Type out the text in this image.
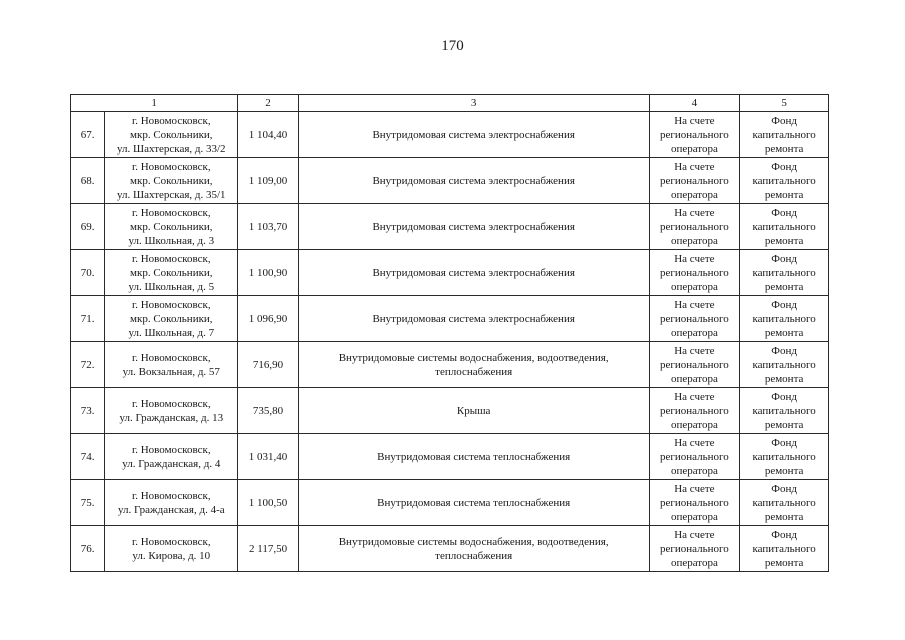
170
1		2	3	4	5
67.	г. Новомосковск,
мкр. Сокольники,
ул. Шахтерская, д. 33/2	1 104,40	Внутридомовая система электроснабжения	На счете
регионального
оператора	Фонд
капитального
ремонта

68.	г. Новомосковск,
мкр. Сокольники,
ул. Шахтерская, д. 35/1	1 109,00	Внутридомовая система электроснабжения	На счете
регионального
оператора	Фонд
капитального
ремонта

69.	г. Новомосковск,
мкр. Сокольники,
ул. Школьная, д. 3	1 103,70	Внутридомовая система электроснабжения	На счете
регионального
оператора	Фонд
капитального
ремонта

70.	г. Новомосковск,
мкр. Сокольники,
ул. Школьная, д. 5	1 100,90	Внутридомовая система электроснабжения	На счете
регионального
оператора	Фонд
капитального
ремонта

71.	г. Новомосковск,
мкр. Сокольники,
ул. Школьная, д. 7	1 096,90	Внутридомовая система электроснабжения	На счете
регионального
оператора	Фонд
капитального
ремонта

72.	г. Новомосковск,
ул. Вокзальная, д. 57	716,90	Внутридомовые системы водоснабжения, водоотведения,
теплоснабжения	На счете
регионального
оператора	Фонд
капитального
ремонта

73.	г. Новомосковск,
ул. Гражданская, д. 13	735,80	Крыша	На счете
регионального
оператора	Фонд
капитального
ремонта

74.	г. Новомосковск,
ул. Гражданская, д. 4	1 031,40	Внутридомовая система теплоснабжения	На счете
регионального
оператора	Фонд
капитального
ремонта

75.	г. Новомосковск,
ул. Гражданская, д. 4-а	1 100,50	Внутридомовая система теплоснабжения	На счете
регионального
оператора	Фонд
капитального
ремонта

76.	г. Новомосковск,
ул. Кирова, д. 10	2 117,50	Внутридомовые системы водоснабжения, водоотведения,
теплоснабжения	На счете
регионального
оператора	Фонд
капитального
ремонта
